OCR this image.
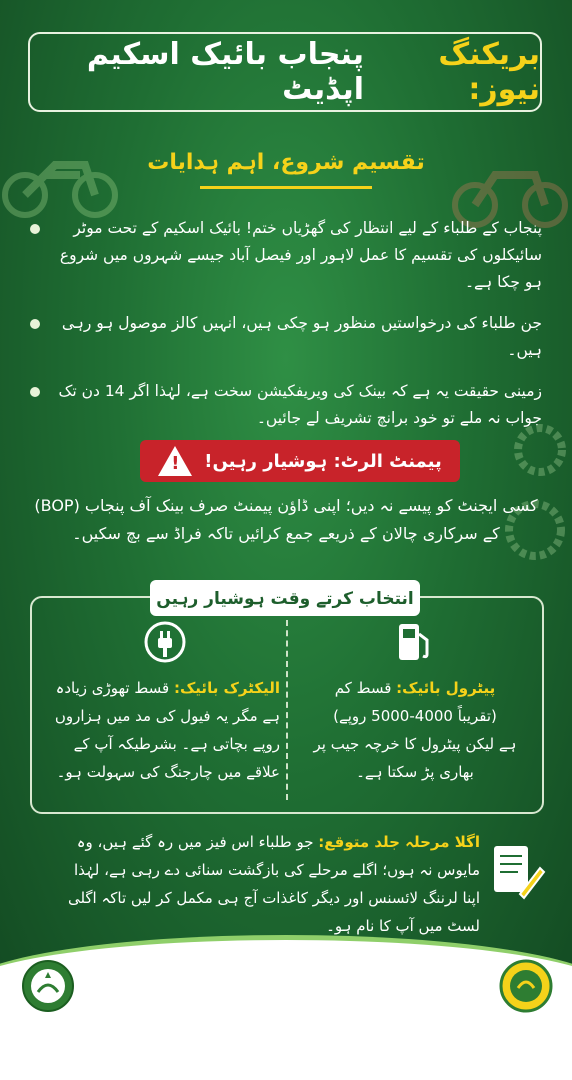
بریکنگ نیوز:
پنجاب بائیک اسکیم اپڈیٹ
تقسیم شروع، اہم ہدایات
پنجاب کے طلباء کے لیے انتظار کی گھڑیاں ختم! بائیک اسکیم کے تحت موٹر سائیکلوں کی تقسیم کا عمل لاہور اور فیصل آباد جیسے شہروں میں شروع ہو چکا ہے۔
جن طلباء کی درخواستیں منظور ہو چکی ہیں، انہیں کالز موصول ہو رہی ہیں۔
زمینی حقیقت یہ ہے کہ بینک کی ویریفکیشن سخت ہے، لہٰذا اگر 14 دن تک جواب نہ ملے تو خود برانچ تشریف لے جائیں۔
! پیمنٹ الرٹ: ہوشیار رہیں!
کسی ایجنٹ کو پیسے نہ دیں؛ اپنی ڈاؤن پیمنٹ صرف بینک آف پنجاب (BOP) کے سرکاری چالان کے ذریعے جمع کرائیں تاکہ فراڈ سے بچ سکیں۔
انتخاب کرتے وقت ہوشیار رہیں
پیٹرول بائیک: قسط کم
(تقریباً 4000-5000 روپے)
ہے لیکن پیٹرول کا خرچہ جیب پر بھاری پڑ سکتا ہے۔
الیکٹرک بائیک: قسط تھوڑی زیادہ ہے مگر یہ فیول کی مد میں ہزاروں روپے بچاتی ہے۔ بشرطیکہ آپ کے علاقے میں چارجنگ کی سہولت ہو۔
اگلا مرحلہ جلد متوقع: جو طلباء اس فیز میں رہ گئے ہیں، وہ مایوس نہ ہوں؛ اگلے مرحلے کی بازگشت سنائی دے رہی ہے، لہٰذا اپنا لرننگ لائسنس اور دیگر کاغذات آج ہی مکمل کر لیں تاکہ اگلی لسٹ میں آپ کا نام ہو۔
